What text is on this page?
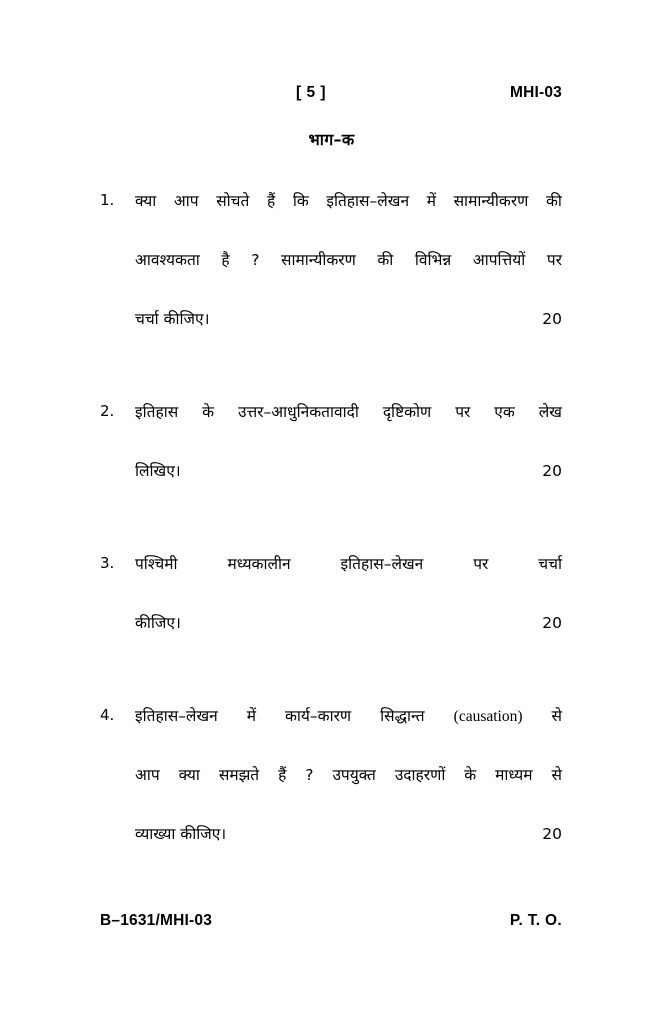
[ 5 ]	MHI-03
भाग–क
1.	क्या आप सोचते हैं कि इतिहास–लेखन में सामान्यीकरण की
आवश्यकता है ? सामान्यीकरण की विभिन्न आपत्तियों पर
चर्चा कीजिए।	20
2.	इतिहास के उत्तर–आधुनिकतावादी दृष्टिकोण पर एक लेख
लिखिए।	20
3.	पश्चिमी	मध्यकालीन	इतिहास–लेखन	पर	चर्चा
कीजिए।	20
4.	इतिहास–लेखन में कार्य–कारण सिद्धान्त (causation) से
आप क्या समझते हैं ? उपयुक्त उदाहरणों के माध्यम से
व्याख्या कीजिए।	20
B–1631/MHI-03	P. T. O.
